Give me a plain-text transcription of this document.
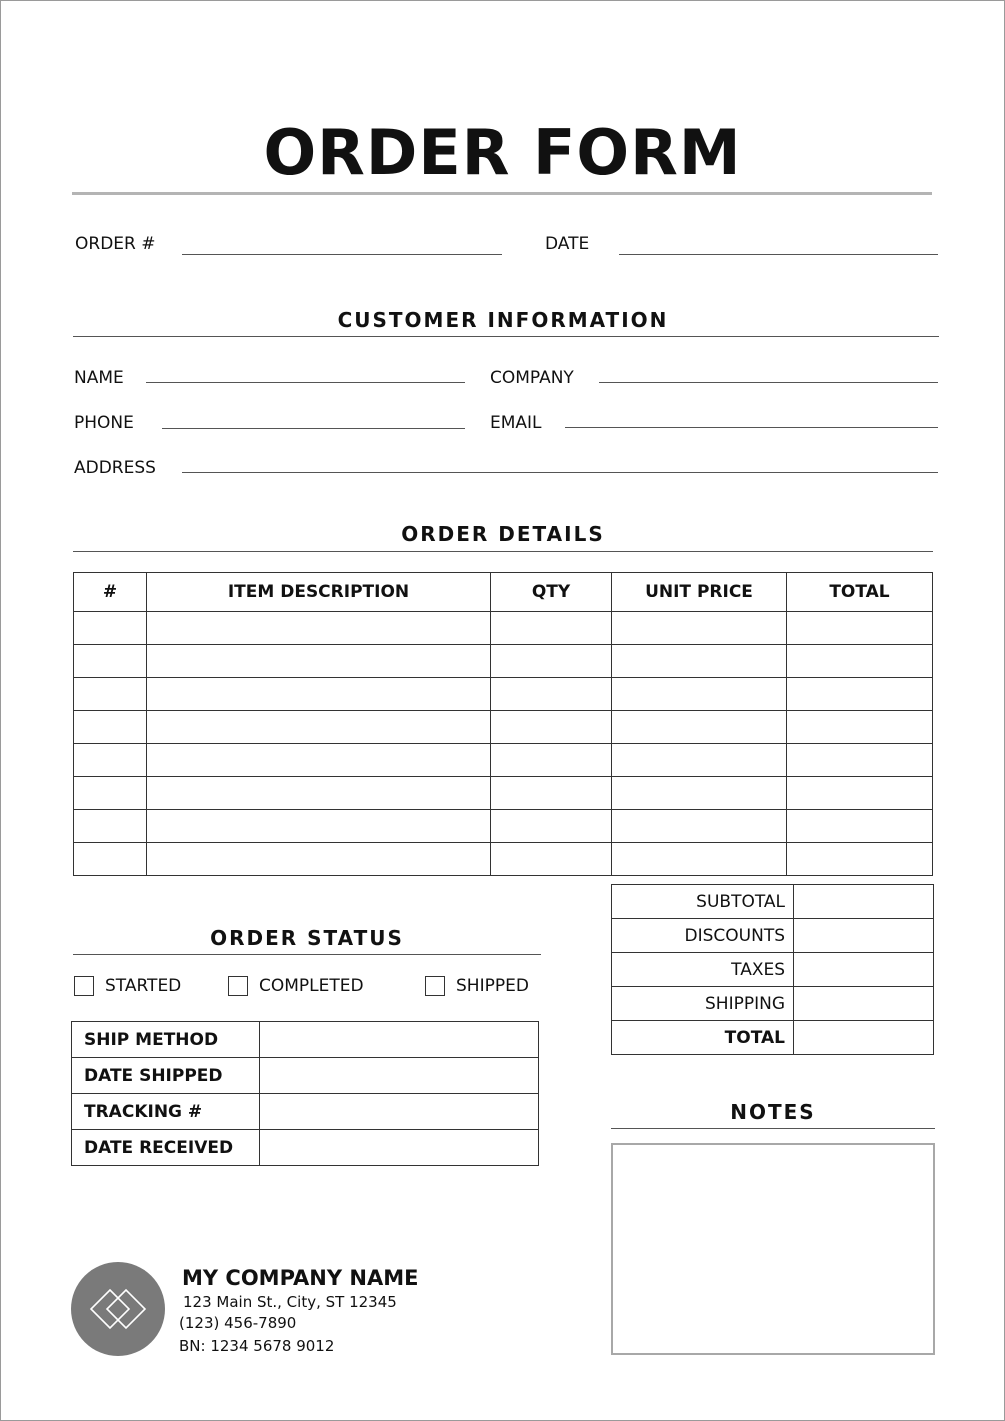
ORDER FORM
ORDER #	DATE
CUSTOMER INFORMATION
NAME	COMPANY
PHONE	EMAIL
ADDRESS
ORDER DETAILS
#	ITEM DESCRIPTION	QTY	UNIT PRICE	TOTAL

SUBTOTAL	
DISCOUNTS	
TAXES	
SHIPPING	
TOTAL	
ORDER STATUS
STARTED	COMPLETED	SHIPPED
SHIP METHOD	
DATE SHIPPED	
TRACKING #	
DATE RECEIVED	
NOTES
MY COMPANY NAME
123 Main St., City, ST 12345
(123) 456-7890
BN: 1234 5678 9012
